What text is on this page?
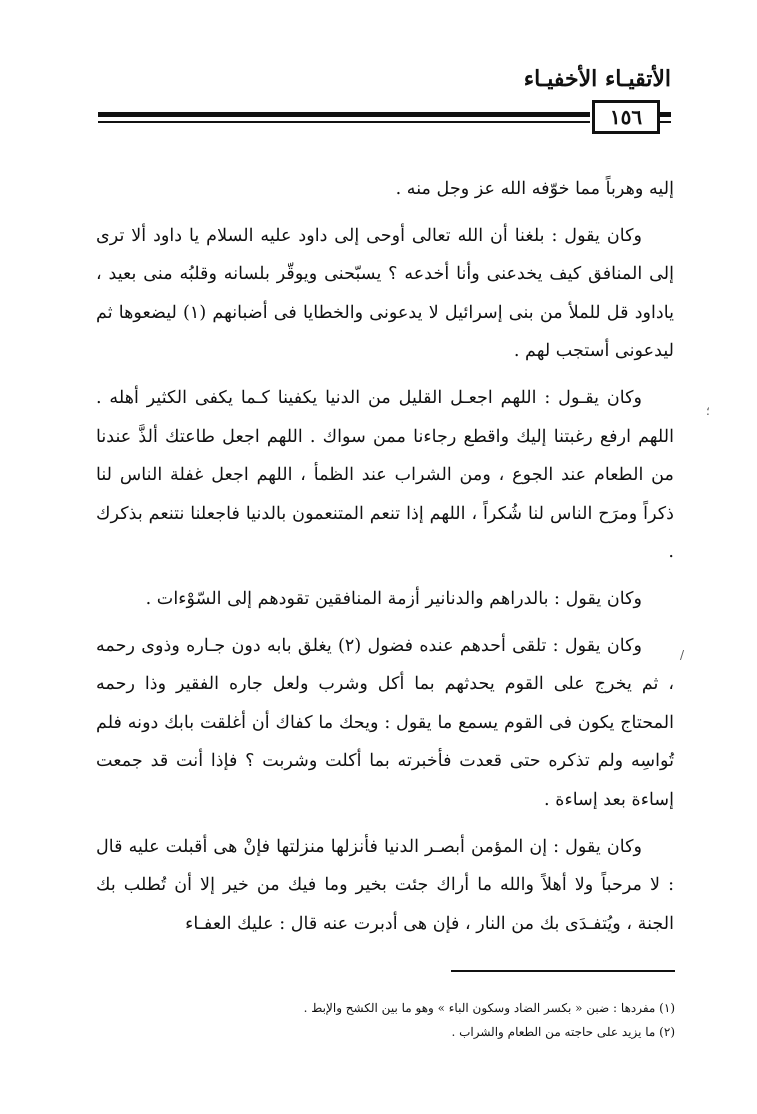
الأتقيـاء الأخفيـاء
١٥٦

إليه وهرباً مما خوّفه الله عز وجل منه .

وكان يقول : بلغنا أن الله تعالى أوحى إلى داود عليه السلام يا داود ألا ترى إلى المنافق كيف يخدعنى وأنا أخدعه ؟ يسبّحنى ويوقّر بلسانه وقلبُه منى بعيد ، ياداود قل للملأ من بنى إسرائيل لا يدعونى والخطايا فى أضبانهم (١) ليضعوها ثم ليدعونى أستجب لهم .

وكان يقـول : اللهم اجعـل القليل من الدنيا يكفينا كـما يكفى الكثير أهله . اللهم ارفع رغبتنا إليك واقطع رجاءنا ممن سواك . اللهم اجعل طاعتك ألذَّ عندنا من الطعام عند الجوع ، ومن الشراب عند الظمأ ، اللهم اجعل غفلة الناس لنا ذكراً ومرَح الناس لنا شُكراً ، اللهم إذا تنعم المتنعمون بالدنيا فاجعلنا نتنعم بذكرك .

وكان يقول : بالدراهم والدنانير أزمة المنافقين تقودهم إلى السّوْءات .

وكان يقول : تلقى أحدهم عنده فضول (٢) يغلق بابه دون جـاره وذوى رحمه ، ثم يخرج على القوم يحدثهم بما أكل وشرب ولعل جاره الفقير وذا رحمه المحتاج يكون فى القوم يسمع ما يقول : ويحك ما كفاك أن أغلقت بابك دونه فلم تُواسِه ولم تذكره حتى قعدت فأخبرته بما أكلت وشربت ؟ فإذا أنت قد جمعت إساءة بعد إساءة .

وكان يقول : إن المؤمن أبصـر الدنيا فأنزلها منزلتها فإنْ هى أقبلت عليه قال : لا مرحباً ولا أهلاً والله ما أراك جئت بخير وما فيك من خير إلا أن تُطلب بك الجنة ، ويُتفـدَى بك من النار ، فإن هى أدبرت عنه قال : عليك العفـاء

؛
/

(١) مفردها : ضبن « بكسر الضاد وسكون الباء » وهو ما بين الكشح والإبط .

(٢) ما يزيد على حاجته من الطعام والشراب .
